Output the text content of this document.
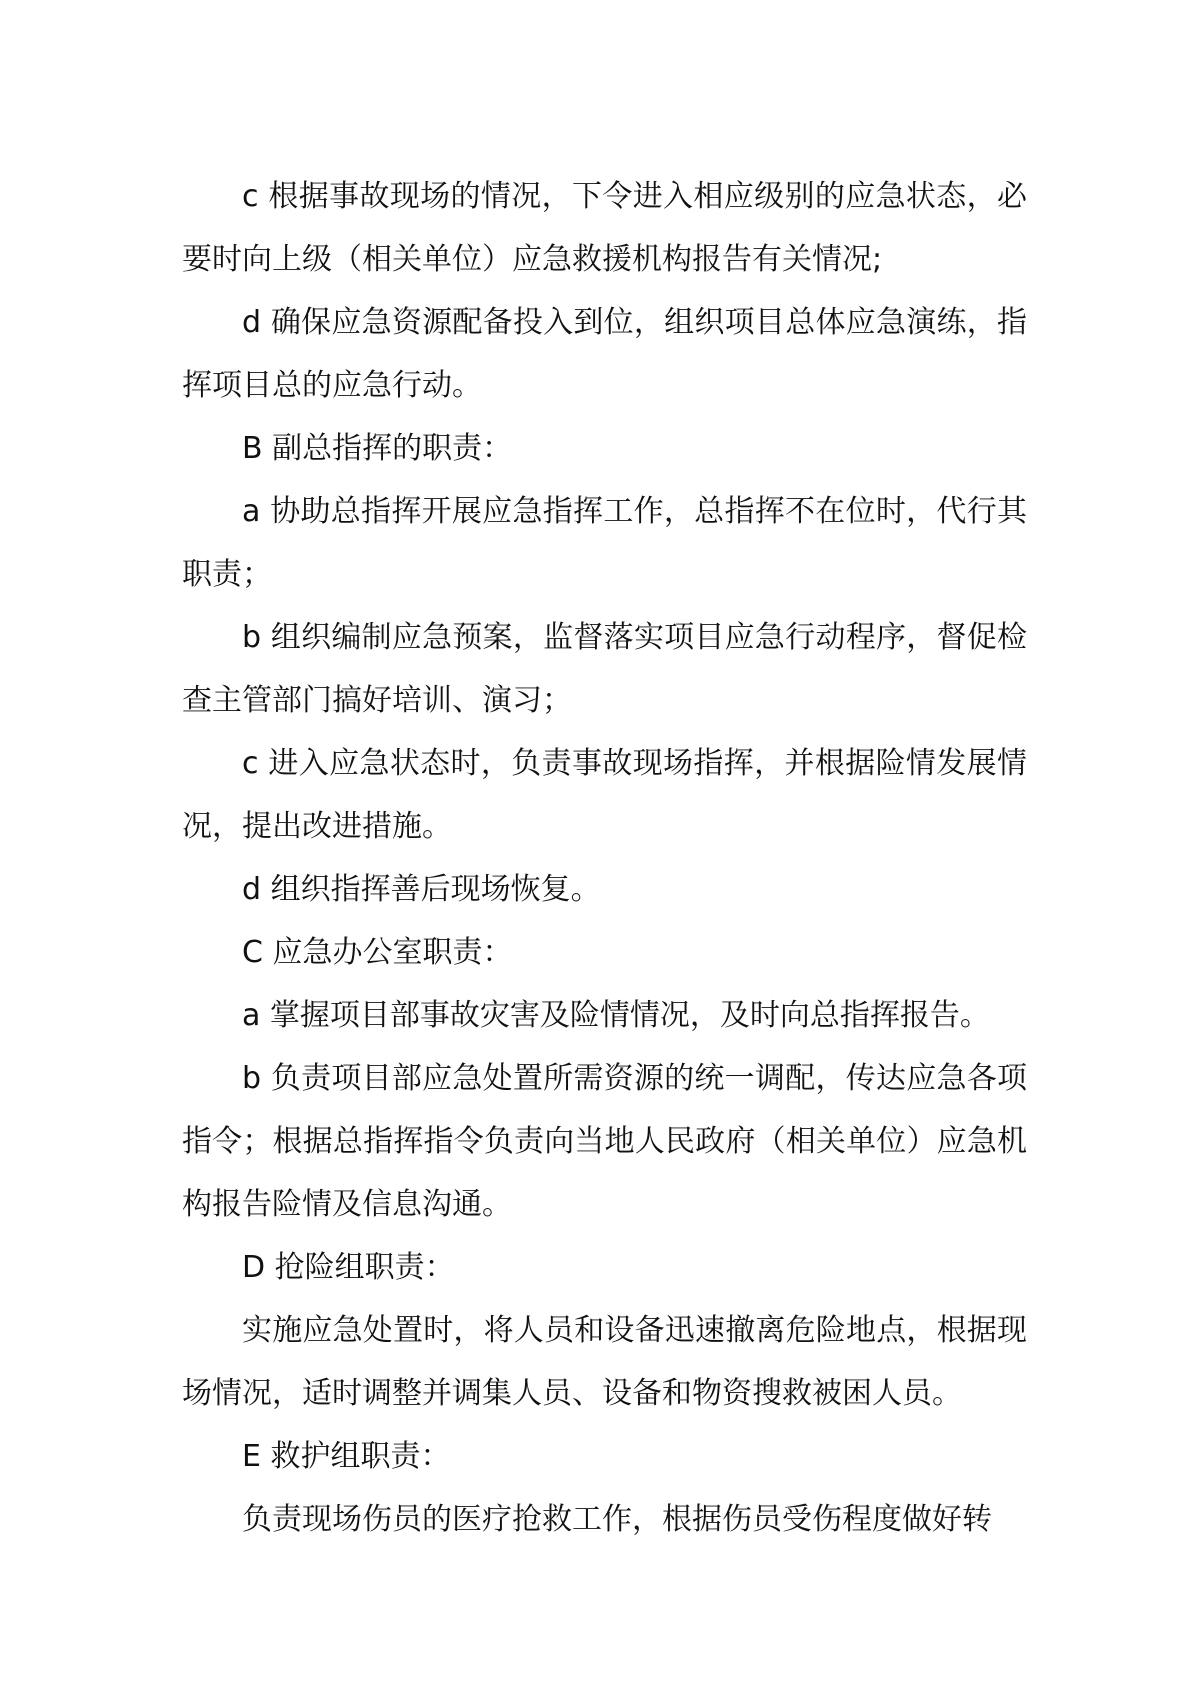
c 根据事故现场的情况，下令进入相应级别的应急状态，必要时向上级（相关单位）应急救援机构报告有关情况;

d 确保应急资源配备投入到位，组织项目总体应急演练，指挥项目总的应急行动。

B 副总指挥的职责：

a 协助总指挥开展应急指挥工作，总指挥不在位时，代行其职责；

b 组织编制应急预案，监督落实项目应急行动程序，督促检查主管部门搞好培训、演习；

c 进入应急状态时，负责事故现场指挥，并根据险情发展情况，提出改进措施。

d 组织指挥善后现场恢复。

C 应急办公室职责：

a 掌握项目部事故灾害及险情情况，及时向总指挥报告。

b 负责项目部应急处置所需资源的统一调配，传达应急各项指令；根据总指挥指令负责向当地人民政府（相关单位）应急机构报告险情及信息沟通。

D 抢险组职责：

实施应急处置时，将人员和设备迅速撤离危险地点，根据现场情况，适时调整并调集人员、设备和物资搜救被困人员。

E 救护组职责：

负责现场伤员的医疗抢救工作，根据伤员受伤程度做好转
